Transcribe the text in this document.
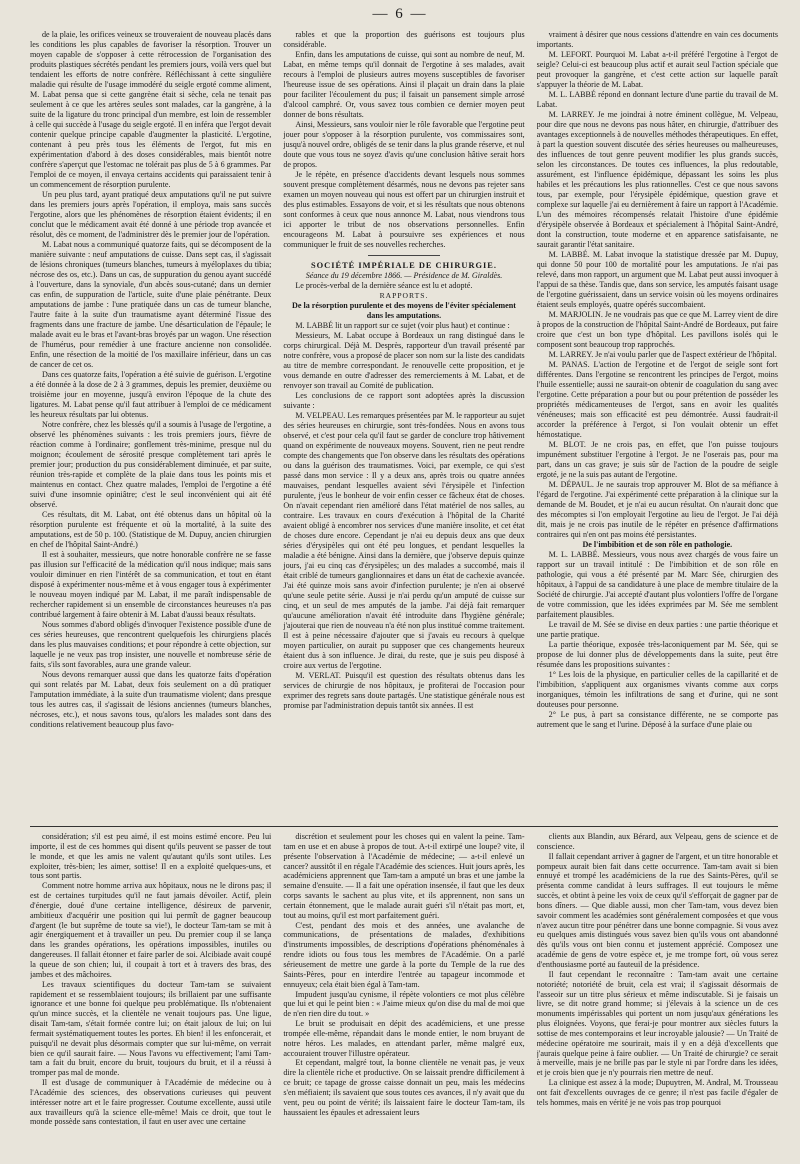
— 6 —

de la plaie, les orifices veineux se trouveraient de nouveau placés dans les conditions les plus capables de favoriser la résorption. Trouver un moyen capable de s'opposer à cette rétrocession de l'organisation des produits plastiques sécrétés pendant les premiers jours, voilà vers quel but tendaient les efforts de notre confrère. Réfléchissant à cette singulière maladie qui résulte de l'usage immodéré du seigle ergoté comme aliment, M. Labat pensa que si cette gangrène était si sèche, cela ne tenait pas seulement à ce que les artères seules sont malades, car la gangrène, à la suite de la ligature du tronc principal d'un membre, est loin de ressembler à celle qui succède à l'usage du seigle ergoté. Il en inféra que l'ergot devait contenir quelque principe capable d'augmenter la plasticité. L'ergotine, contenant à peu près tous les éléments de l'ergot, fut mis en expérimentation d'abord à des doses considérables, mais bientôt notre confrère s'aperçut que l'estomac ne tolérait pas plus de 5 à 6 grammes. Par l'emploi de ce moyen, il envaya certains accidents qui paraissaient tenir à un commencement de résorption purulente.

Un peu plus tard, ayant pratiqué deux amputations qu'il ne put suivre dans les premiers jours après l'opération, il employa, mais sans succès l'ergotine, alors que les phénomènes de résorption étaient évidents; il en conclut que le médicament avait été donné à une période trop avancée et résolut, dès ce moment, de l'administrer dès le premier jour de l'opération.

M. Labat nous a communiqué quatorze faits, qui se décomposent de la manière suivante : neuf amputations de cuisse. Dans sept cas, il s'agissait de lésions chroniques (tumeurs blanches, tumeurs à myéloplaxes du tibia; nécrose des os, etc.). Dans un cas, de suppuration du genou ayant succédé à l'ouverture, dans la synoviale, d'un abcès sous-cutané; dans un dernier cas enfin, de suppuration de l'article, suite d'une plaie pénétrante. Deux amputations de jambe : l'une pratiquée dans un cas de tumeur blanche, l'autre faite à la suite d'un traumatisme ayant déterminé l'issue des fragments dans une fracture de jambe. Une désarticulation de l'épaule; le malade avait eu le bras et l'avant-bras broyés par un wagon. Une résection de l'humérus, pour remédier à une fracture ancienne non consolidée. Enfin, une résection de la moitié de l'os maxillaire inférieur, dans un cas de cancer de cet os.

Dans ces quatorze faits, l'opération a été suivie de guérison. L'ergotine a été donnée à la dose de 2 à 3 grammes, depuis les premier, deuxième ou troisième jour en moyenne, jusqu'à environ l'époque de la chute des ligatures. M. Labat pense qu'il faut attribuer à l'emploi de ce médicament les heureux résultats par lui obtenus.

Notre confrère, chez les blessés qu'il a soumis à l'usage de l'ergotine, a observé les phénomènes suivants : les trois premiers jours, fièvre de réaction comme à l'ordinaire; gonflement très-minime, presque nul du moignon; écoulement de sérosité presque complètement tari après le premier jour; production du pus considérablement diminuée, et par suite, réunion très-rapide et complète de la plaie dans tous les points mis et maintenus en contact. Chez quatre malades, l'emploi de l'ergotine a été suivi d'une insomnie opiniâtre; c'est le seul inconvénient qui ait été observé.

Ces résultats, dit M. Labat, ont été obtenus dans un hôpital où la résorption purulente est fréquente et où la mortalité, à la suite des amputations, est de 50 p. 100. (Statistique de M. Dupuy, ancien chirurgien en chef de l'hôpital Saint-André.)

Il est à souhaiter, messieurs, que notre honorable confrère ne se fasse pas illusion sur l'efficacité de la médication qu'il nous indique; mais sans vouloir diminuer en rien l'intérêt de sa communication, et tout en étant disposé à expérimenter nous-même et à vous engager tous à expérimenter le nouveau moyen indiqué par M. Labat, il me paraît indispensable de rechercher rapidement si un ensemble de circonstances heureuses n'a pas contribué largement à faire obtenir à M. Labat d'aussi beaux résultats.

Nous sommes d'abord obligés d'invoquer l'existence possible d'une de ces séries heureuses, que rencontrent quelquefois les chirurgiens placés dans les plus mauvaises conditions; et pour répondre à cette objection, sur laquelle je ne veux pas trop insister, une nouvelle et nombreuse série de faits, s'ils sont favorables, aura une grande valeur.

Nous devons remarquer aussi que dans les quatorze faits d'opération qui sont relatés par M. Labat, deux fois seulement on a dû pratiquer l'amputation immédiate, à la suite d'un traumatisme violent; dans presque tous les autres cas, il s'agissait de lésions anciennes (tumeurs blanches, nécroses, etc.), et nous savons tous, qu'alors les malades sont dans des conditions relativement beaucoup plus favo-

rables et que la proportion des guérisons est toujours plus considérable.

Enfin, dans les amputations de cuisse, qui sont au nombre de neuf, M. Labat, en même temps qu'il donnait de l'ergotine à ses malades, avait recours à l'emploi de plusieurs autres moyens susceptibles de favoriser l'heureuse issue de ses opérations. Ainsi il plaçait un drain dans la plaie pour faciliter l'écoulement du pus; il faisait un pansement simple arrosé d'alcool camphré. Or, vous savez tous combien ce dernier moyen peut donner de bons résultats.

Ainsi, Messieurs, sans vouloir nier le rôle favorable que l'ergotine peut jouer pour s'opposer à la résorption purulente, vos commissaires sont, jusqu'à nouvel ordre, obligés de se tenir dans la plus grande réserve, et nul doute que vous tous ne soyez d'avis qu'une conclusion hâtive serait hors de propos.

Je le répète, en présence d'accidents devant lesquels nous sommes souvent presque complètement désarmés, nous ne devons pas rejeter sans examen un moyen nouveau qui nous est offert par un chirurgien instruit et des plus estimables. Essayons de voir, et si les résultats que nous obtenons sont conformes à ceux que nous annonce M. Labat, nous viendrons tous ici apporter le tribut de nos observations personnelles. Enfin encourageons M. Labat à poursuivre ses expériences et nous communiquer le fruit de ses nouvelles recherches.

SOCIÉTÉ IMPÉRIALE DE CHIRURGIE.

Séance du 19 décembre 1866. — Présidence de M. Giraldès.

Le procès-verbal de la dernière séance est lu et adopté.

RAPPORTS.

De la résorption purulente et des moyens de l'éviter spécialement dans les amputations.

M. LABBÉ lit un rapport sur ce sujet (voir plus haut) et continue :

Messieurs, M. Labat occupe à Bordeaux un rang distingué dans le corps chirurgical. Déjà M. Desprès, rapporteur d'un travail présenté par notre confrère, vous a proposé de placer son nom sur la liste des candidats au titre de membre correspondant. Je renouvelle cette proposition, et je vous demande en outre d'adresser des remerciements à M. Labat, et de renvoyer son travail au Comité de publication.

Les conclusions de ce rapport sont adoptées après la discussion suivante :

M. VELPEAU. Les remarques présentées par M. le rapporteur au sujet des séries heureuses en chirurgie, sont très-fondées. Nous en avons tous observé, et c'est pour cela qu'il faut se garder de conclure trop hâtivement quand on expérimente de nouveaux moyens. Souvent, rien ne peut rendre compte des changements que l'on observe dans les résultats des opérations ou dans la guérison des traumatismes. Voici, par exemple, ce qui s'est passé dans mon service : Il y a deux ans, après trois ou quatre années mauvaises, pendant lesquelles avaient sévi l'érysipèle et l'infection purulente, j'eus le bonheur de voir enfin cesser ce fâcheux état de choses. On n'avait cependant rien amélioré dans l'état matériel de nos salles, au contraire. Les travaux en cours d'exécution à l'hôpital de la Charité avaient obligé à encombrer nos services d'une manière insolite, et cet état de choses dure encore. Cependant je n'ai eu depuis deux ans que deux séries d'érysipèles qui ont été peu longues, et pendant lesquelles la maladie a été bénigne. Ainsi dans la dernière, que j'observe depuis quinze jours, j'ai eu cinq cas d'érysipèles; un des malades a succombé, mais il était criblé de tumeurs ganglionnaires et dans un état de cachexie avancée. J'ai été quinze mois sans avoir d'infection purulente; je n'en ai observé qu'une seule petite série. Aussi je n'ai perdu qu'un amputé de cuisse sur cinq, et un seul de mes amputés de la jambe. J'ai déjà fait remarquer qu'aucune amélioration n'avait été introduite dans l'hygiène générale; j'ajouterai que rien de nouveau n'a été non plus institué comme traitement. Il est à peine nécessaire d'ajouter que si j'avais eu recours à quelque moyen particulier, on aurait pu supposer que ces changements heureux étaient dus à son influence. Je dirai, du reste, que je suis peu disposé à croire aux vertus de l'ergotine.

M. VERLAT. Puisqu'il est question des résultats obtenus dans les services de chirurgie de nos hôpitaux, je profiterai de l'occasion pour exprimer des regrets sans doute partagés. Une statistique générale nous est promise par l'administration depuis tantôt six années. Il est

vraiment à désirer que nous cessions d'attendre en vain ces documents importants.

M. LEFORT. Pourquoi M. Labat a-t-il préféré l'ergotine à l'ergot de seigle? Celui-ci est beaucoup plus actif et aurait seul l'action spéciale que peut provoquer la gangrène, et c'est cette action sur laquelle paraît s'appuyer la théorie de M. Labat.

M. L. LABBÉ répond en donnant lecture d'une partie du travail de M. Labat.

M. LARREY. Je me joindrai à notre éminent collègue, M. Velpeau, pour dire que nous ne devons pas nous hâter, en chirurgie, d'attribuer des avantages exceptionnels à de nouvelles méthodes thérapeutiques. En effet, à part la question souvent discutée des séries heureuses ou malheureuses, des influences de tout genre peuvent modifier les plus grands succès, selon les circonstances. De toutes ces influences, la plus redoutable, assurément, est l'influence épidémique, dépassant les soins les plus habiles et les précautions les plus rationnelles. C'est ce que nous savons tous, par exemple, pour l'érysipèle épidémique, question grave et complexe sur laquelle j'ai eu dernièrement à faire un rapport à l'Académie. L'un des mémoires récompensés relatait l'histoire d'une épidémie d'érysipèle observée à Bordeaux et spécialement à l'hôpital Saint-André, dont la construction, toute moderne et en apparence satisfaisante, ne saurait garantir l'état sanitaire.

M. LABBÉ. M. Labat invoque la statistique dressée par M. Dupuy, qui donne 50 pour 100 de mortalité pour les amputations. Je n'ai pas relevé, dans mon rapport, un argument que M. Labat peut aussi invoquer à l'appui de sa thèse. Tandis que, dans son service, les amputés faisant usage de l'ergotine guérissaient, dans un service voisin où les moyens ordinaires étaient seuls employés, quatre opérés succombaient.

M. MARJOLIN. Je ne voudrais pas que ce que M. Larrey vient de dire à propos de la construction de l'hôpital Saint-André de Bordeaux, put faire croire que c'est un bon type d'hôpital. Les pavillons isolés qui le composent sont beaucoup trop rapprochés.

M. LARREY. Je n'ai voulu parler que de l'aspect extérieur de l'hôpital.

M. PANAS. L'action de l'ergotine et de l'ergot de seigle sont fort différentes. Dans l'ergotine se rencontrent les principes de l'ergot, moins l'huile essentielle; aussi ne saurait-on obtenir de coagulation du sang avec l'ergotine. Cette préparation a pour but ou pour prétention de posséder les propriétés médicamenteuses de l'ergot, sans en avoir les qualités vénéneuses; mais son efficacité est peu démontrée. Aussi faudrait-il accorder la préférence à l'ergot, si l'on voulait obtenir un effet hémostatique.

M. BLOT. Je ne crois pas, en effet, que l'on puisse toujours impunément substituer l'ergotine à l'ergot. Je ne l'oserais pas, pour ma part, dans un cas grave; je suis sûr de l'action de la poudre de seigle ergoté, je ne la suis pas autant de l'ergotine.

M. DÉPAUL. Je ne saurais trop approuver M. Blot de sa méfiance à l'égard de l'ergotine. J'ai expérimenté cette préparation à la clinique sur la demande de M. Boudet, et je n'ai eu aucun résultat. On n'aurait donc que des mécomptes si l'on employait l'ergotine au lieu de l'ergot. Je l'ai déjà dit, mais je ne crois pas inutile de le répéter en présence d'affirmations contraires qui n'en ont pas moins été persistantes.

De l'imbibition et de son rôle en pathologie.

M. L. LABBÉ. Messieurs, vous nous avez chargés de vous faire un rapport sur un travail intitulé : De l'imbibition et de son rôle en pathologie, qui vous a été présenté par M. Marc Sée, chirurgien des hôpitaux, à l'appui de sa candidature à une place de membre titulaire de la Société de chirurgie. J'ai accepté d'autant plus volontiers l'offre de l'organe de votre commission, que les idées exprimées par M. Sée me semblent parfaitement plausibles.

Le travail de M. Sée se divise en deux parties : une partie théorique et une partie pratique.

La partie théorique, exposée très-laconiquement par M. Sée, qui se propose de lui donner plus de développements dans la suite, peut être résumée dans les propositions suivantes :

1° Les lois de la physique, en particulier celles de la capillarité et de l'imbibition, s'appliquent aux organismes vivants comme aux corps inorganiques, témoin les infiltrations de sang et d'urine, qui ne sont douteuses pour personne.

2° Le pus, à part sa consistance différente, ne se comporte pas autrement que le sang et l'urine. Déposé à la surface d'une plaie ou

considération; s'il est peu aimé, il est moins estimé encore. Peu lui importe, il est de ces hommes qui disent qu'ils peuvent se passer de tout le monde, et que les amis ne valent qu'autant qu'ils sont utiles. Les exploiter, très-bien; les aimer, sottise! Il en a exploité quelques-uns, et tous sont partis.

Comment notre homme arriva aux hôpitaux, nous ne le dirons pas; il est de certaines turpitudes qu'il ne faut jamais dévoiler. Actif, plein d'énergie, doué d'une certaine intelligence, désireux de parvenir, ambitieux d'acquérir une position qui lui permît de gagner beaucoup d'argent (le but suprême de toute sa vie!), le docteur Tam-tam se mit à agir énergiquement et à travailler un peu. Du premier coup il se lança dans les grandes opérations, les opérations impossibles, inutiles ou dangereuses. Il fallait étonner et faire parler de soi. Alcibiade avait coupé la queue de son chien; lui, il coupait à tort et à travers des bras, des jambes et des mâchoires.

Les travaux scientifiques du docteur Tam-tam se suivaient rapidement et se ressemblaient toujours; ils brillaient par une suffisante ignorance et une bonne foi quelque peu problématique. Ils n'obtenaient qu'un mince succès, et la clientèle ne venait toujours pas. Une ligue, disait Tam-tam, s'était formée contre lui; on était jaloux de lui; on lui fermait systématiquement toutes les portes. Eh bien! il les enfoncerait, et puisqu'il ne devait plus désormais compter que sur lui-même, on verrait bien ce qu'il saurait faire. — Nous l'avons vu effectivement; l'ami Tam-tam a fait du bruit, encore du bruit, toujours du bruit, et il a réussi à tromper pas mal de monde.

Il est d'usage de communiquer à l'Académie de médecine ou à l'Académie des sciences, des observations curieuses qui peuvent intéresser notre art et le faire progresser. Coutume excellente, aussi utile aux travailleurs qu'à la science elle-même! Mais ce droit, que tout le monde possède sans contestation, il faut en user avec une certaine

discrétion et seulement pour les choses qui en valent la peine. Tam-tam en use et en abuse à propos de tout. A-t-il extirpé une loupe? vite, il présente l'observation à l'Académie de médecine; — a-t-il enlevé un cancer? aussitôt il en régale l'Académie des sciences. Huit jours après, les académiciens apprennent que Tam-tam a amputé un bras et une jambe la semaine d'ensuite. — Il a fait une opération insensée, il faut que les deux corps savants le sachent au plus vite, et ils apprennent, non sans un certain étonnement, que le malade aurait guéri s'il n'était pas mort, et, tout au moins, qu'il est mort parfaitement guéri.

C'est, pendant des mois et des années, une avalanche de communications, de présentations de malades, d'exhibitions d'instruments impossibles, de descriptions d'opérations phénoménales à rendre idiots ou fous tous les membres de l'Académie. On a parlé sérieusement de mettre une garde à la porte du Temple de la rue des Saints-Pères, pour en interdire l'entrée au tapageur incommode et ennuyeux; cela était bien égal à Tam-tam.

Impudent jusqu'au cynisme, il répète volontiers ce mot plus célèbre que lui et qui le peint bien : « J'aime mieux qu'on dise du mal de moi que de n'en rien dire du tout. »

Le bruit se produisait en dépit des académiciens, et une presse trompée elle-même, répandait dans le monde entier, le nom bruyant de notre héros. Les malades, en attendant parler, même malgré eux, accouraient trouver l'illustre opérateur.

Et cependant, malgré tout, la bonne clientèle ne venait pas, je veux dire la clientèle riche et productive. On se laissait prendre difficilement à ce bruit; ce tapage de grosse caisse donnait un peu, mais les médecins s'en méfiaient; ils savaient que sous toutes ces avances, il n'y avait que du vent, peu ou point de vérité; ils laissaient faire le docteur Tam-tam, ils haussaient les épaules et adressaient leurs

clients aux Blandin, aux Bérard, aux Velpeau, gens de science et de conscience.

Il fallait cependant arriver à gagner de l'argent, et un titre honorable et pompeux aurait bien fait dans cette occurrence. Tam-tam avait si bien ennuyé et trompé les académiciens de la rue des Saints-Pères, qu'il se présenta comme candidat à leurs suffrages. Il eut toujours le même succès, et obtint à peine les voix de ceux qu'il s'efforçait de gagner par de bons dîners. — Que diable aussi, mon cher Tam-tam, vous devez bien savoir comment les académies sont généralement composées et que vous n'avez aucun titre pour pénétrer dans une bonne compagnie. Si vous avez eu quelques amis distingués vous savez bien qu'ils vous ont abandonné dès qu'ils vous ont bien connu et justement apprécié. Composez une académie de gens de votre espèce et, je me trompe fort, où vous serez d'enthousiasme porté au fauteuil de la présidence.

Il faut cependant le reconnaître : Tam-tam avait une certaine notoriété; notoriété de bruit, cela est vrai; il s'agissait désormais de l'asseoir sur un titre plus sérieux et même indiscutable. Si je faisais un livre, se dit notre grand homme; si j'élevais à la science un de ces monuments impérissables qui portent un nom jusqu'aux générations les plus éloignées. Voyons, que ferai-je pour montrer aux siècles futurs la sottise de mes contemporains et leur incroyable jalousie? — Un Traité de médecine opératoire me sourirait, mais il y en a déjà d'excellents que j'aurais quelque peine à faire oublier. — Un Traité de chirurgie? ce serait à merveille, mais je ne brille pas par le style ni par l'ordre dans les idées, et je crois bien que je n'y pourrais rien mettre de neuf.

La clinique est assez à la mode; Dupuytren, M. Andral, M. Trousseau ont fait d'excellents ouvrages de ce genre; il n'est pas facile d'égaler de tels hommes, mais en vérité je ne vois pas trop pourquoi
